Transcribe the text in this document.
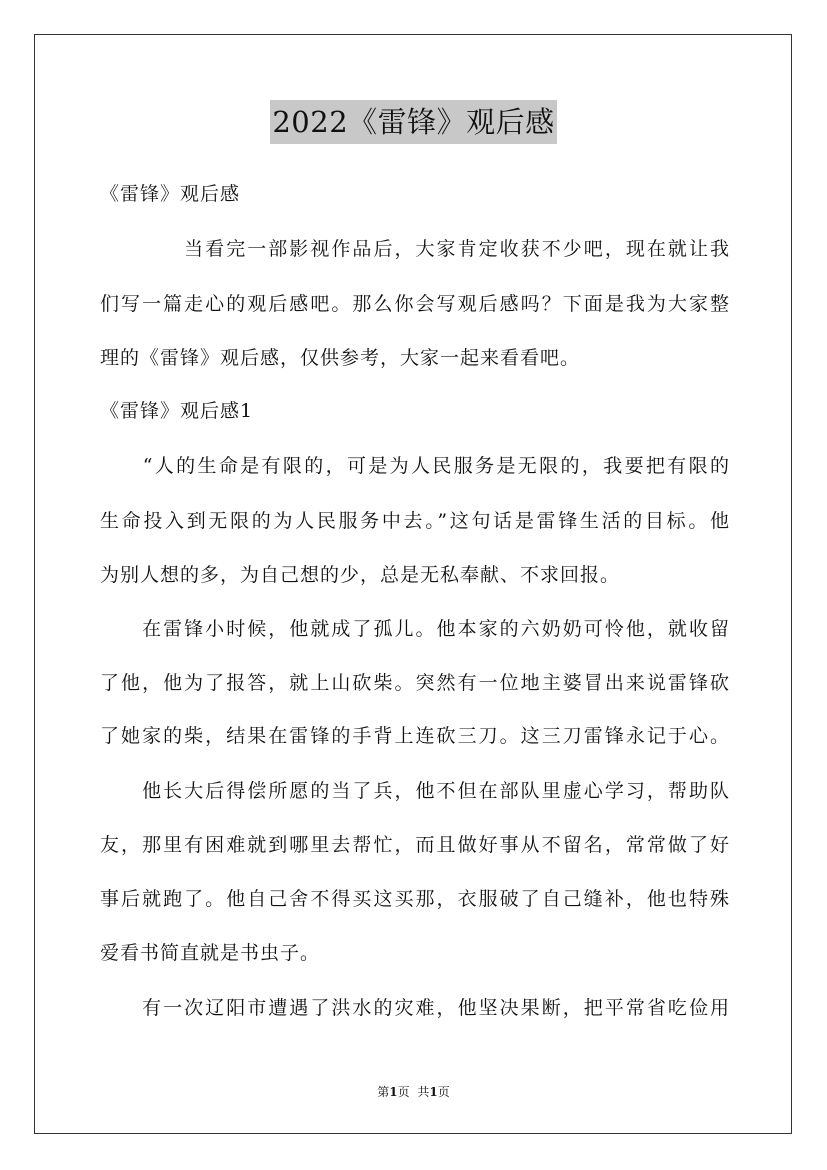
2022《雷锋》观后感
《雷锋》观后感
　　　　当看完一部影视作品后，大家肯定收获不少吧，现在就让我
们写一篇走心的观后感吧。那么你会写观后感吗？下面是我为大家整
理的《雷锋》观后感，仅供参考，大家一起来看看吧。
《雷锋》观后感1
　　“人的生命是有限的，可是为人民服务是无限的，我要把有限的
生命投入到无限的为人民服务中去。”这句话是雷锋生活的目标。他
为别人想的多，为自己想的少，总是无私奉献、不求回报。
　　在雷锋小时候，他就成了孤儿。他本家的六奶奶可怜他，就收留
了他，他为了报答，就上山砍柴。突然有一位地主婆冒出来说雷锋砍
了她家的柴，结果在雷锋的手背上连砍三刀。这三刀雷锋永记于心。
　　他长大后得偿所愿的当了兵，他不但在部队里虚心学习，帮助队
友，那里有困难就到哪里去帮忙，而且做好事从不留名，常常做了好
事后就跑了。他自己舍不得买这买那，衣服破了自己缝补，他也特殊
爱看书简直就是书虫子。
　　有一次辽阳市遭遇了洪水的灾难，他坚决果断，把平常省吃俭用
第1页 共1页
